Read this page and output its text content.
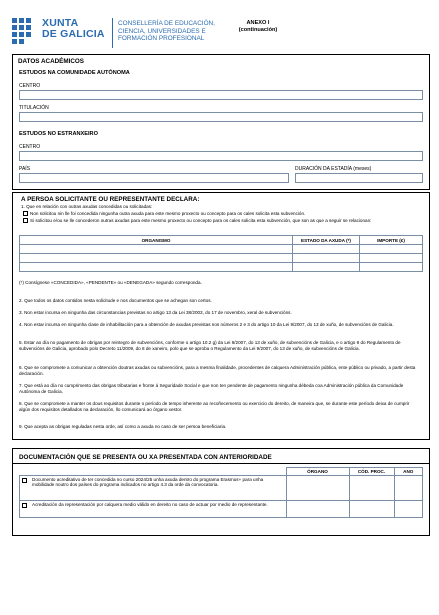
XUNTA
DE GALICIA
CONSELLERÍA DE EDUCACIÓN,
CIENCIA, UNIVERSIDADES E
FORMACIÓN PROFESIONAL
ANEXO I
(continuación)
DATOS ACADÉMICOS
ESTUDOS NA COMUNIDADE AUTÓNOMA
CENTRO
TITULACIÓN
ESTUDOS NO ESTRANXEIRO
CENTRO
PAÍS	DURACIÓN DA ESTADÍA (meses)
A PERSOA SOLICITANTE OU REPRESENTANTE DECLARA:
1. Que en relación con outras axudas concedidas ou solicitadas:
Non solicitou nin lle foi concedida ningunha outra axuda para este mesmo proxecto ou concepto para os cales solicita esta subvención.
Si solicitou e/ou se lle concederon outras axudas para este mesmo proxecto ou concepto para os cales solicita esta subvención, que son as que a seguir se relacionan:
ORGANISMO	ESTADO DA AXUDA (*)	IMPORTE (€)

(*) Consígnese «CONCEDIDA», «PENDENTE» ou «DENEGADA» segundo corresponda.
2. Que todos os datos contidos nesta solicitude e nos documentos que se achegan son certos.
3. Non estar incursa en ningunha das circunstancias previstas no artigo 13 da Lei 38/2003, do 17 de novembro, xeral de subvencións.
4. Non estar incursa en ningunha clase de inhabilitación para a obtención de axudas previstas nos números 2 e 3 do artigo 10 da Lei 9/2007, do 13 de xuño, de subvencións de Galicia.
5. Estar ao día no pagamento de obrigas por reintegro de subvencións, conforme o artigo 10.2 g) da Lei 9/2007, do 13 de xuño, de subvencións de Galicia, e o artigo 9 do Regulamento de subvencións de Galicia, aprobado polo Decreto 11/2009, do 8 de xaneiro, polo que se aproba o Regulamento da Lei 9/2007, do 13 de xuño, de subvencións de Galicia.
6. Que se compromete a comunicar a obtención doutras axudas ou subvencións, para a mesma finalidade, procedentes de calquera Administración pública, ente público ou privado, a partir desta declaración.
7. Que está ao día no cumprimento das obrigas tributarias e fronte á Seguridade Social e que non ten pendente de pagamento ningunha débeda coa Administración pública da Comunidade Autónoma de Galicia.
8. Que se compromete a manter os dous requisitos durante o período de tempo inherente ao recoñecemento ou exercicio do dereito, de maneira que, se durante este período deixa de cumprir algún dos requisitos detallados na declaración, llo comunicará ao órgano xestor.
9. Que acepta as obrigas reguladas nesta orde, así como a axuda no caso de ser persoa beneficiaria.
DOCUMENTACIÓN QUE SE PRESENTA OU XA PRESENTADA CON ANTERIORIDADE
	ÓRGANO	CÓD. PROC.	ANO

Documento acreditativo de ter concedida no curso 2024/25 unha axuda dentro do programa Erasmus+ para unha mobilidade noutro dos países do programa indicados no artigo 4.3 da orde da convocatoria.			

Acreditación da representación por calquera medio válido en dereito no caso de actuar por medio de representante.			
